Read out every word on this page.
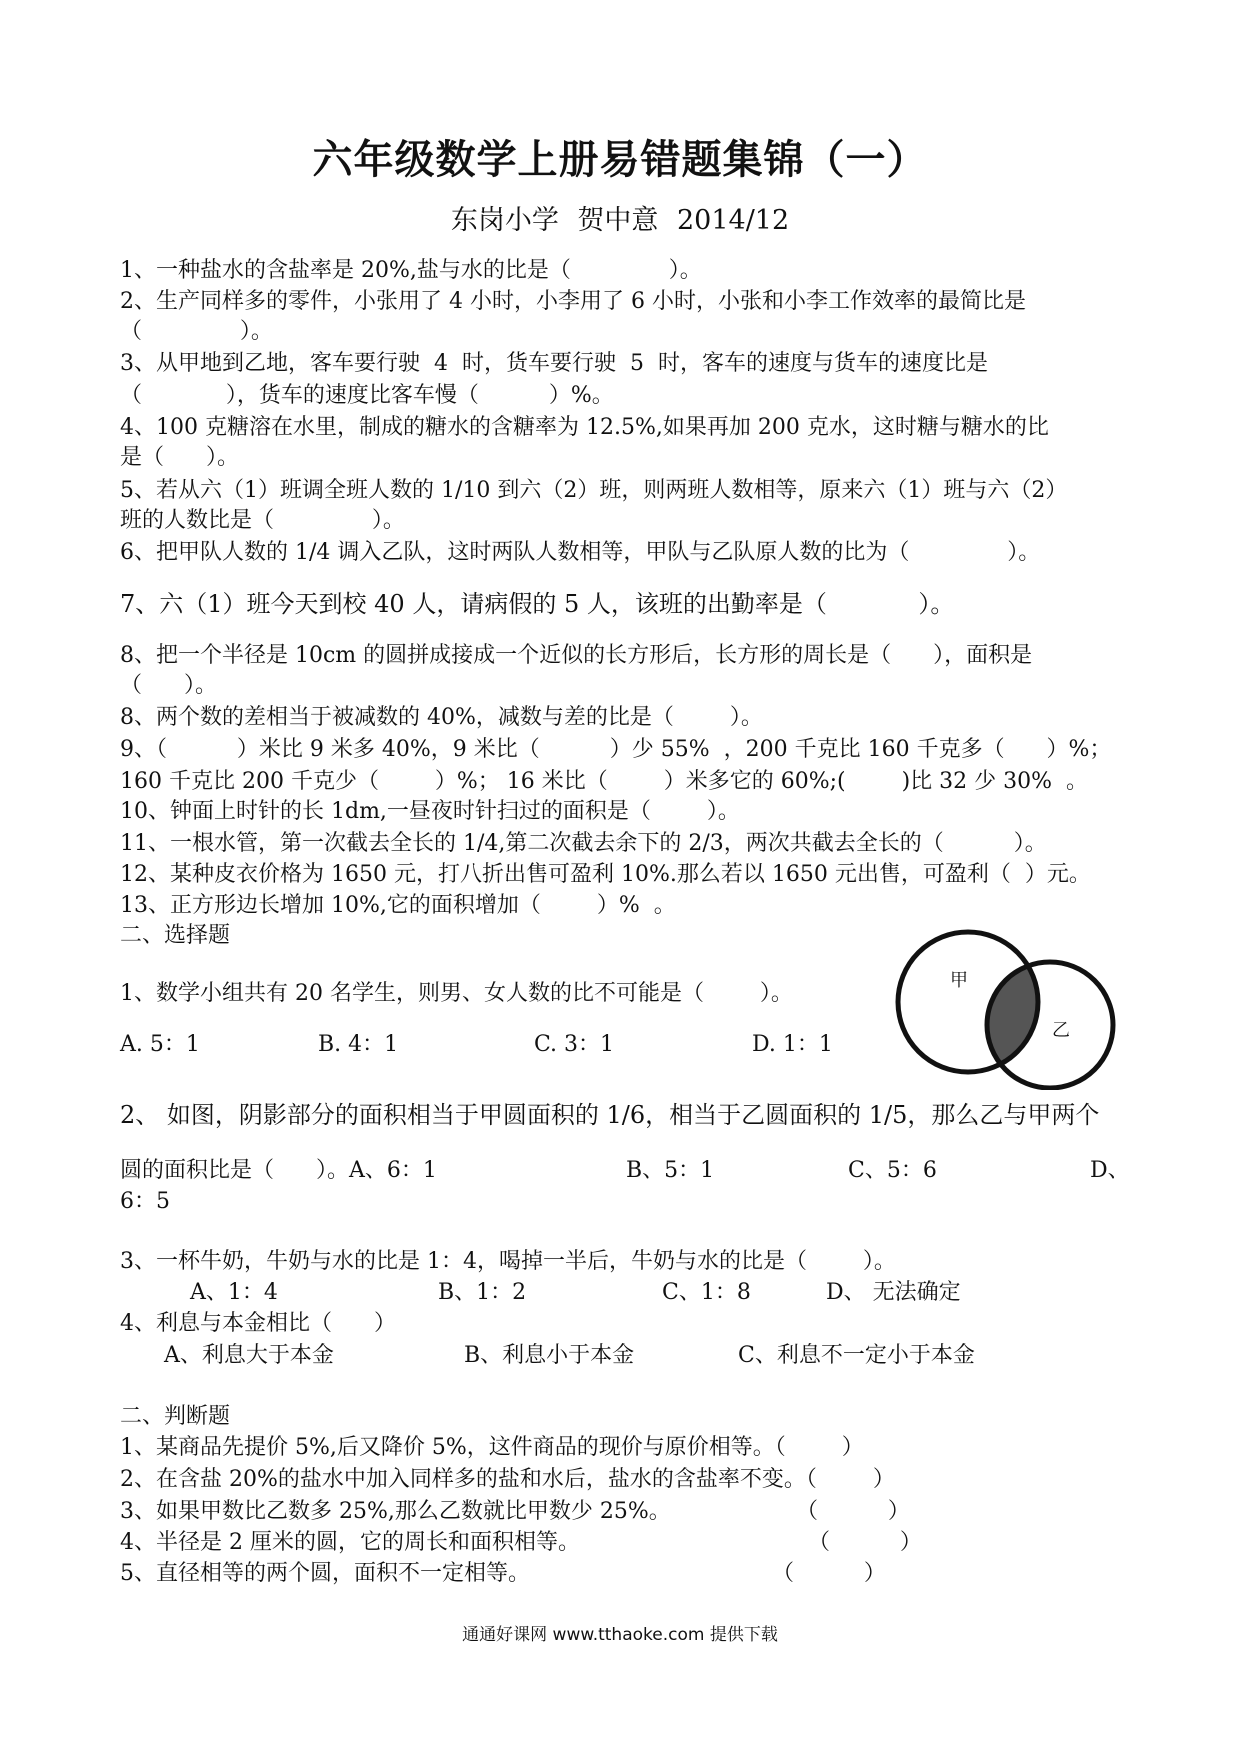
六年级数学上册易错题集锦（一）
东岗小学 贺中意 2014/12
1、一种盐水的含盐率是 20%,盐与水的比是（              ）。
2、生产同样多的零件，小张用了 4 小时，小李用了 6 小时，小张和小李工作效率的最简比是
（              ）。
3、从甲地到乙地，客车要行驶  4  时，货车要行驶  5  时，客车的速度与货车的速度比是
（            ），货车的速度比客车慢（          ）%。
4、100 克糖溶在水里，制成的糖水的含糖率为 12.5%,如果再加 200 克水，这时糖与糖水的比
是（      ）。
5、若从六（1）班调全班人数的 1/10 到六（2）班，则两班人数相等，原来六（1）班与六（2）
班的人数比是（              ）。
6、把甲队人数的 1/4 调入乙队，这时两队人数相等，甲队与乙队原人数的比为（              ）。
7、六（1）班今天到校 40 人，请病假的 5 人，该班的出勤率是（            ）。
8、把一个半径是 10cm 的圆拼成接成一个近似的长方形后，长方形的周长是（      ），面积是
（      ）。
8、两个数的差相当于被减数的 40%，减数与差的比是（        ）。
9、（          ）米比 9 米多 40%，9 米比（          ）少 55%  ，200 千克比 160 千克多（      ）%；
160 千克比 200 千克少（        ）%； 16 米比（        ）米多它的 60%;(        )比 32 少 30%  。
10、钟面上时针的长 1dm,一昼夜时针扫过的面积是（        ）。
11、一根水管，第一次截去全长的 1/4,第二次截去余下的 2/3，两次共截去全长的（          ）。
12、某种皮衣价格为 1650 元，打八折出售可盈利 10%.那么若以 1650 元出售，可盈利（  ）元。
13、正方形边长增加 10%,它的面积增加（        ）%  。
二、选择题
1、数学小组共有 20 名学生，则男、女人数的比不可能是（        ）。
A. 5：1	B. 4：1	C. 3：1	D. 1：1
甲
乙
2、 如图，阴影部分的面积相当于甲圆面积的 1/6，相当于乙圆面积的 1/5，那么乙与甲两个
圆的面积比是（      ）。A、6：1	B、5：1	C、5：6	D、
6：5
3、一杯牛奶，牛奶与水的比是 1：4，喝掉一半后，牛奶与水的比是（        ）。
A、1：4	B、1：2	C、1：8	D、 无法确定
4、利息与本金相比（      ）
A、利息大于本金	B、利息小于本金	C、利息不一定小于本金
二、判断题
1、某商品先提价 5%,后又降价 5%，这件商品的现价与原价相等。（        ）
2、在含盐 20%的盐水中加入同样多的盐和水后，盐水的含盐率不变。（        ）
3、如果甲数比乙数多 25%,那么乙数就比甲数少 25%。	（          ）
4、半径是 2 厘米的圆，它的周长和面积相等。	（          ）
5、直径相等的两个圆，面积不一定相等。	（          ）
通通好课网 www.tthaoke.com 提供下载
